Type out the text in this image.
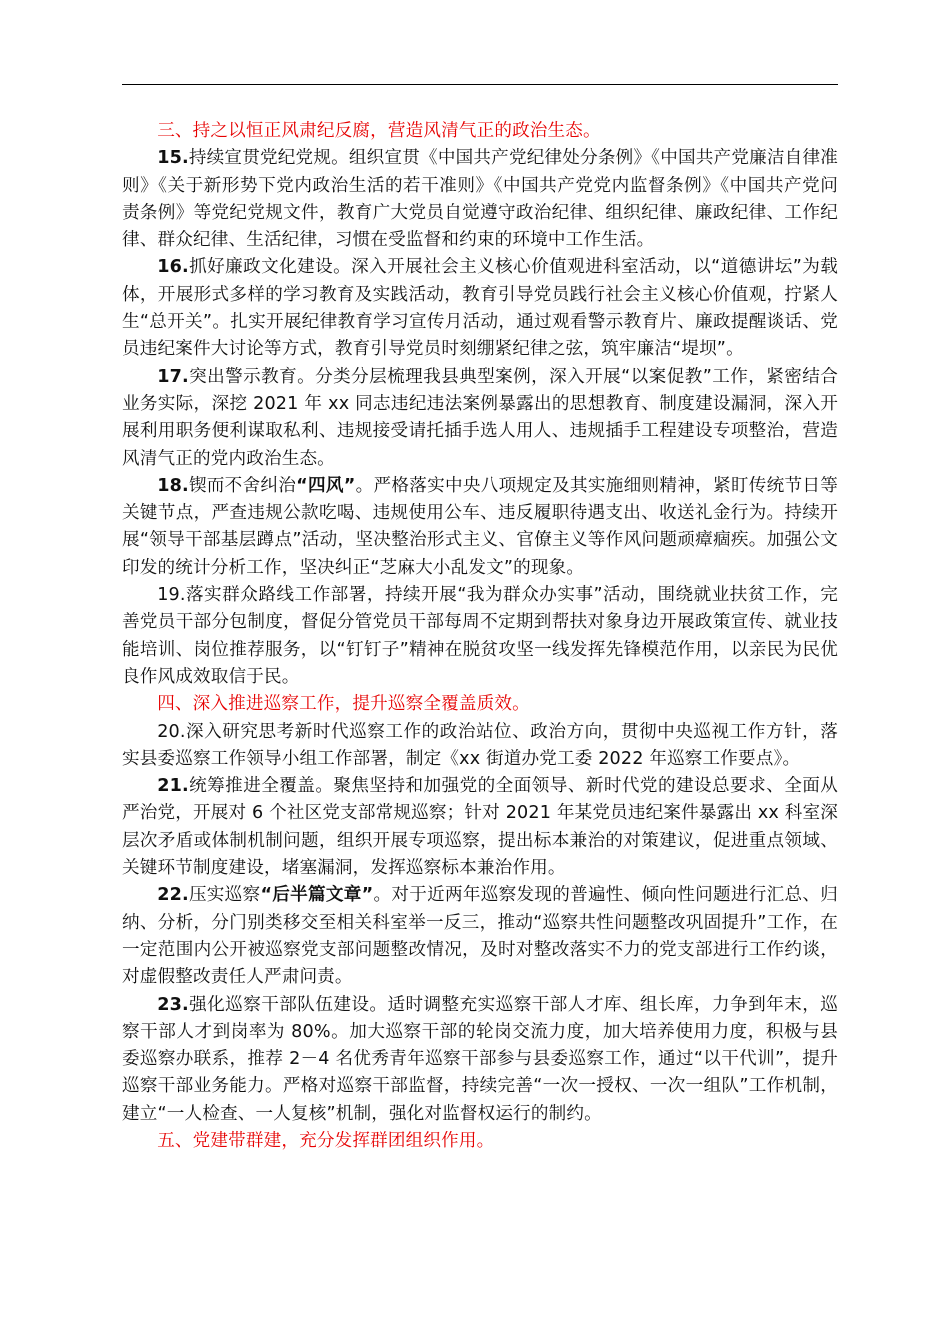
三、持之以恒正风肃纪反腐，营造风清气正的政治生态。

15.持续宣贯党纪党规。组织宣贯《中国共产党纪律处分条例》《中国共产党廉洁自律准则》《关于新形势下党内政治生活的若干准则》《中国共产党党内监督条例》《中国共产党问责条例》等党纪党规文件，教育广大党员自觉遵守政治纪律、组织纪律、廉政纪律、工作纪律、群众纪律、生活纪律，习惯在受监督和约束的环境中工作生活。

16.抓好廉政文化建设。深入开展社会主义核心价值观进科室活动，以“道德讲坛”为载体，开展形式多样的学习教育及实践活动，教育引导党员践行社会主义核心价值观，拧紧人生“总开关”。扎实开展纪律教育学习宣传月活动，通过观看警示教育片、廉政提醒谈话、党员违纪案件大讨论等方式，教育引导党员时刻绷紧纪律之弦，筑牢廉洁“堤坝”。

17.突出警示教育。分类分层梳理我县典型案例，深入开展“以案促教”工作，紧密结合业务实际，深挖 2021 年 xx 同志违纪违法案例暴露出的思想教育、制度建设漏洞，深入开展利用职务便利谋取私利、违规接受请托插手选人用人、违规插手工程建设专项整治，营造风清气正的党内政治生态。

18.锲而不舍纠治“四风”。严格落实中央八项规定及其实施细则精神，紧盯传统节日等关键节点，严查违规公款吃喝、违规使用公车、违反履职待遇支出、收送礼金行为。持续开展“领导干部基层蹲点”活动，坚决整治形式主义、官僚主义等作风问题顽瘴痼疾。加强公文印发的统计分析工作，坚决纠正“芝麻大小乱发文”的现象。

19.落实群众路线工作部署，持续开展“我为群众办实事”活动，围绕就业扶贫工作，完善党员干部分包制度，督促分管党员干部每周不定期到帮扶对象身边开展政策宣传、就业技能培训、岗位推荐服务，以“钉钉子”精神在脱贫攻坚一线发挥先锋模范作用，以亲民为民优良作风成效取信于民。

四、深入推进巡察工作，提升巡察全覆盖质效。

20.深入研究思考新时代巡察工作的政治站位、政治方向，贯彻中央巡视工作方针，落实县委巡察工作领导小组工作部署，制定《xx 街道办党工委 2022 年巡察工作要点》。

21.统筹推进全覆盖。聚焦坚持和加强党的全面领导、新时代党的建设总要求、全面从严治党，开展对 6 个社区党支部常规巡察；针对 2021 年某党员违纪案件暴露出 xx 科室深层次矛盾或体制机制问题，组织开展专项巡察，提出标本兼治的对策建议，促进重点领域、关键环节制度建设，堵塞漏洞，发挥巡察标本兼治作用。

22.压实巡察“后半篇文章”。对于近两年巡察发现的普遍性、倾向性问题进行汇总、归纳、分析，分门别类移交至相关科室举一反三，推动“巡察共性问题整改巩固提升”工作，在一定范围内公开被巡察党支部问题整改情况，及时对整改落实不力的党支部进行工作约谈，对虚假整改责任人严肃问责。

23.强化巡察干部队伍建设。适时调整充实巡察干部人才库、组长库，力争到年末，巡察干部人才到岗率为 80%。加大巡察干部的轮岗交流力度，加大培养使用力度，积极与县委巡察办联系，推荐 2－4 名优秀青年巡察干部参与县委巡察工作，通过“以干代训”，提升巡察干部业务能力。严格对巡察干部监督，持续完善“一次一授权、一次一组队”工作机制，建立“一人检查、一人复核”机制，强化对监督权运行的制约。

五、党建带群建，充分发挥群团组织作用。
